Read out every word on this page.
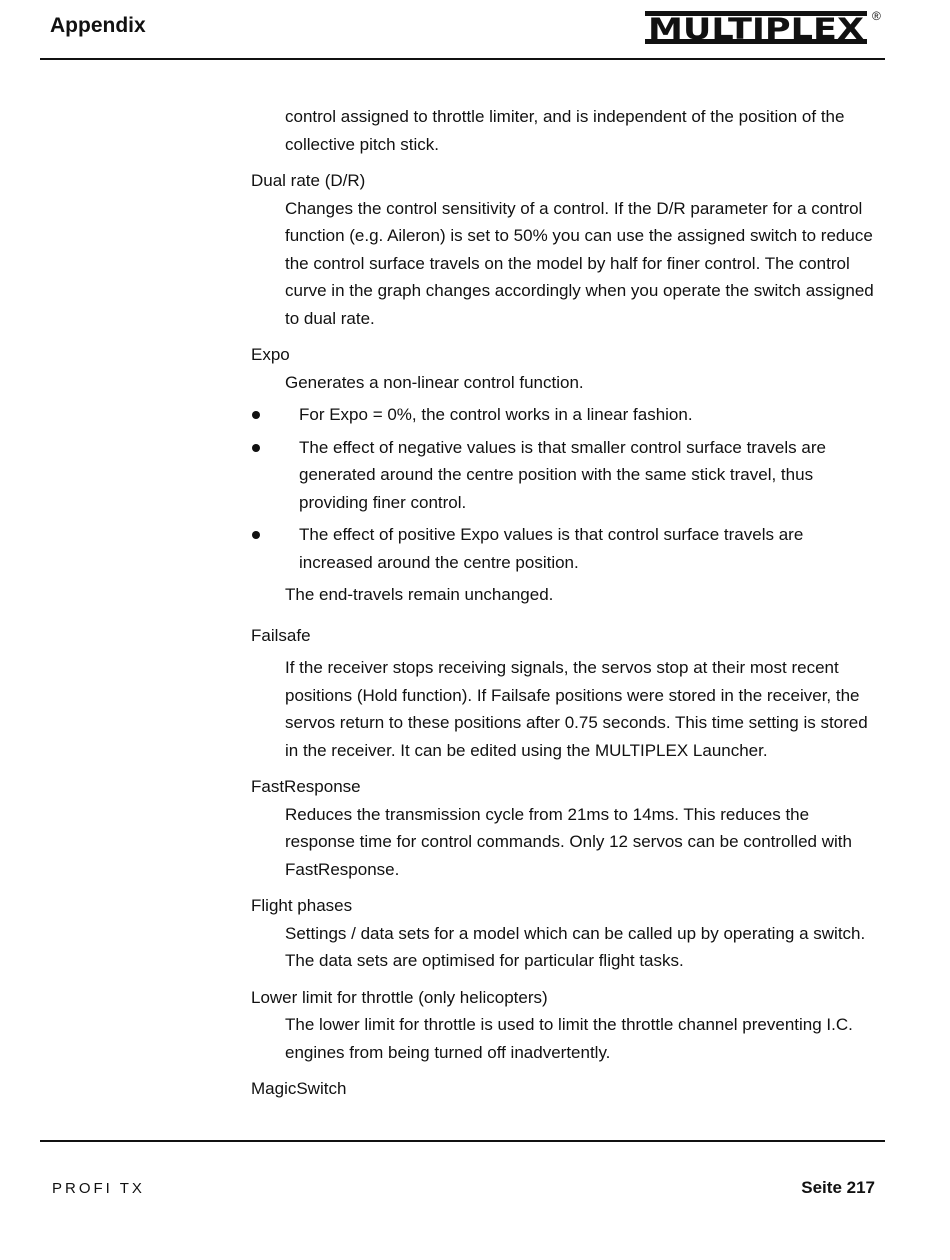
Appendix	MULTIPLEX ®

control assigned to throttle limiter, and is independent of the position of the collective pitch stick.

Dual rate (D/R)

Changes the control sensitivity of a control. If the D/R parameter for a control function (e.g. Aileron) is set to 50% you can use the assigned switch to reduce the control surface travels on the model by half for finer control. The control curve in the graph changes accordingly when you operate the switch assigned to dual rate.

Expo

Generates a non-linear control function.

For Expo = 0%, the control works in a linear fashion.
The effect of negative values is that smaller control surface travels are generated around the centre position with the same stick travel, thus providing finer control.
The effect of positive Expo values is that control surface travels are increased around the centre position.

The end-travels remain unchanged.

Failsafe

If the receiver stops receiving signals, the servos stop at their most recent positions (Hold function). If Failsafe positions were stored in the receiver, the servos return to these positions after 0.75 seconds. This time setting is stored in the receiver. It can be edited using the MULTIPLEX Launcher.

FastResponse

Reduces the transmission cycle from 21ms to 14ms. This reduces the response time for control commands. Only 12 servos can be controlled with FastResponse.

Flight phases

Settings / data sets for a model which can be called up by operating a switch. The data sets are optimised for particular flight tasks.

Lower limit for throttle (only helicopters)

The lower limit for throttle is used to limit the throttle channel preventing I.C. engines from being turned off inadvertently.

MagicSwitch

PROFI TX	Seite 217
